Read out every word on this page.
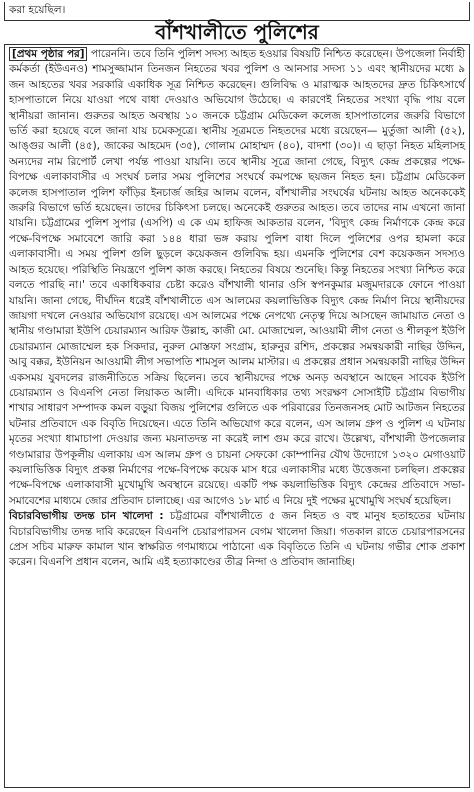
করা হয়েছিল।
বাঁশখালীতে পুলিশের

[প্রথম পৃষ্ঠার পর] পারেননি। তবে তিনি পুলিশ সদস্য আহত হওয়ার বিষয়টি নিশ্চিত করেছেন। উপজেলা নির্বাহী কর্মকর্তা (ইউএনও) শামসুজ্জামান তিনজন নিহতের খবর পুলিশ ও আনসার সদস্য ১১ এবং স্থানীয়দের মধ্যে ৯ জন আহতের খবর সরকারি একাধিক সূত্র নিশ্চিত করেছেন। গুলিবিদ্ধ ও মারাত্মক আহতদের দ্রুত চিকিৎসার্থে হাসপাতালে নিয়ে যাওয়া পথে বাধা দেওয়াও অভিযোগ উঠেছে। এ কারণেই নিহতের সংখ্যা বৃদ্ধি পায় বলে স্থানীয়রা জানান। গুরুতর আহত অবস্থায় ১০ জনকে চট্টগ্রাম মেডিকেল কলেজ হাসপাতালের জরুরি বিভাগে ভর্তি করা হয়েছে বলে জানা যায় চমেকসূত্রে। স্থানীয় সূত্রমতে নিহতদের মধ্যে রয়েছেন— মুর্তুজা আলী (৫২), আঙ্গুর আলী (৪৫), জাকের আহমেদ (৩৫), গোলাম মোহাম্মদ (৪০), বাদশা (৩০)। এ ছাড়া নিহত মহিলাসহ অন্যদের নাম রিপোর্ট লেখা পর্যন্ত পাওয়া যায়নি। তবে স্থানীয় সূত্রে জানা গেছে, বিদ্যুৎ কেন্দ্র প্রকল্পের পক্ষে-বিপক্ষে এলাকাবাসীর এ সংঘর্ষ চলার সময় পুলিশের সংঘর্ষে কমপক্ষে ছয়জন নিহত হন। চট্টগ্রাম মেডিকেল কলেজ হাসপাতাল পুলিশ ফাঁড়ির ইনচার্জ জহির আলম বলেন, বাঁশখালীর সংঘর্ষের ঘটনায় আহত অনেককেই জরুরি বিভাগে ভর্তি হয়েছেন। তাদের চিকিৎসা চলছে। অনেকেই গুরুতর আহত। তবে তাদের নাম এখনো জানা যায়নি। চট্টগ্রামের পুলিশ সুপার (এসপি) এ কে এম হাফিজ আকতার বলেন, 'বিদ্যুৎ কেন্দ্র নির্মাণকে কেন্দ্র করে পক্ষে-বিপক্ষে সমাবেশে জারি করা ১৪৪ ধারা ভঙ্গ করায় পুলিশ বাধা দিলে পুলিশের ওপর হামলা করে এলাকাবাসী। এ সময় পুলিশ গুলি ছুড়লে কয়েকজন গুলিবিদ্ধ হয়। এমনকি পুলিশের বেশ কয়েকজন সদস্যও আহত হয়েছে। পরিস্থিতি নিয়ন্ত্রণে পুলিশ কাজ করছে। নিহতের বিষয়ে শুনেছি। কিন্তু নিহতের সংখ্যা নিশ্চিত করে বলতে পারছি না।' তবে একাধিকবার চেষ্টা করেও বাঁশখালী থানার ওসি স্বপনকুমার মজুমদারকে ফোনে পাওয়া যায়নি। জানা গেছে, দীর্ঘদিন ধরেই বাঁশখালীতে এস আলমের কয়লাভিত্তিক বিদ্যুৎ কেন্দ্র নির্মাণ নিয়ে স্থানীয়দের জায়গা দখলে নেওয়ার অভিযোগ রয়েছে। এস আলমের পক্ষে নেপথ্যে নেতৃত্ব দিয়ে আসছেন জামায়াত নেতা ও স্থানীয় গণ্ডামারা ইউপি চেয়ারম্যান আরিফ উল্লাহ, কাজী মো. মোজাম্মেল, আওয়ামী লীগ নেতা ও শীলকূপ ইউপি চেয়ারম্যান মোজাম্মেল হক সিকদার, নুরুল মোস্তফা সংগ্রাম, হারুনুর রশিদ, প্রকল্পের সমন্বয়কারী নাছির উদ্দিন, আবু বক্কর, ইউনিয়ন আওয়ামী লীগ সভাপতি শামসুল আলম মাস্টার। এ প্রকল্পের প্রধান সমন্বয়কারী নাছির উদ্দিন একসময় যুবদলের রাজনীতিতে সক্রিয় ছিলেন। তবে স্থানীয়দের পক্ষে অনড় অবস্থানে আছেন সাবেক ইউপি চেয়ারম্যান ও বিএনপি নেতা লিয়াকত আলী। এদিকে মানবাধিকার তথ্য সংরক্ষণ সোসাইটি চট্টগ্রাম বিভাগীয় শাখার সাধারণ সম্পাদক কমল বড়ুয়া বিজয় পুলিশের গুলিতে এক পরিবারের তিনজনসহ মোট আটজন নিহতের ঘটনার প্রতিবাদে এক বিবৃতি দিয়েছেন। এতে তিনি অভিযোগ করে বলেন, এস আলম গ্রুপ ও পুলিশ এ ঘটনায় মৃতের সংখ্যা ধামাচাপা দেওয়ার জন্য ময়নাতদন্ত না করেই লাশ গুম করে রাখে। উল্লেখ্য, বাঁশখালী উপজেলার গণ্ডামারার উপকূলীয় এলাকায় এস আলম গ্রুপ ও চায়না সেফকো কোম্পানির যৌথ উদ্যোগে ১৩২০ মেগাওয়াট কয়লাভিত্তিক বিদ্যুৎ প্রকল্প নির্মাণের পক্ষে-বিপক্ষে কয়েক মাস ধরে এলাকাসীর মধ্যে উত্তেজনা চলছিল। প্রকল্পের পক্ষে-বিপক্ষে এলাকাবাসী মুখোমুখি অবস্থানে রয়েছে। একটি পক্ষ কয়লাভিত্তিক বিদ্যুৎ কেন্দ্রের প্রতিবাদে সভা-সমাবেশের মাধ্যমে জোর প্রতিবাদ চালাচ্ছে। এর আগেও ১৮ মার্চ এ নিয়ে দুই পক্ষের মুখোমুখি সংঘর্ষ হয়েছিল।

বিচারবিভাগীয় তদন্ত চান খালেদা : চট্টগ্রামের বাঁশখালীতে ৫ জন নিহত ও বহু মানুষ হতাহতের ঘটনায় বিচারবিভাগীয় তদন্ত দাবি করেছেন বিএনপি চেয়ারপারসন বেগম খালেদা জিয়া। গতকাল রাতে চেয়ারপারসনের প্রেস সচিব মারুফ কামাল খান স্বাক্ষরিত গণমাধ্যমে পাঠানো এক বিবৃতিতে তিনি এ ঘটনায় গভীর শোক প্রকাশ করেন। বিএনপি প্রধান বলেন, আমি এই হত্যাকাণ্ডের তীব্র নিন্দা ও প্রতিবাদ জানাচ্ছি।
